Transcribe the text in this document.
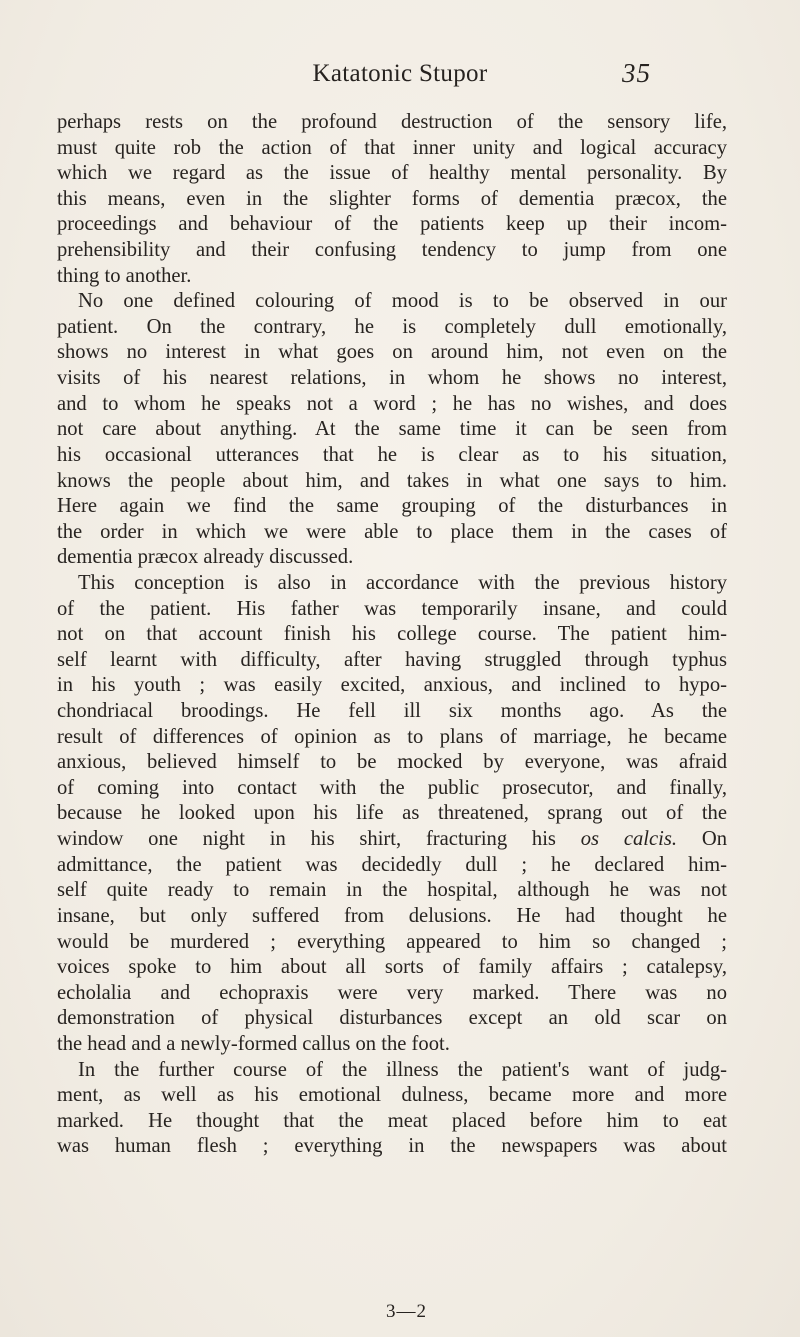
Katatonic Stupor	35
perhaps rests on the profound destruction of the sensory life,
must quite rob the action of that inner unity and logical accuracy
which we regard as the issue of healthy mental personality. By
this means, even in the slighter forms of dementia præcox, the
proceedings and behaviour of the patients keep up their incom-
prehensibility and their confusing tendency to jump from one
thing to another.
No one defined colouring of mood is to be observed in our
patient. On the contrary, he is completely dull emotionally,
shows no interest in what goes on around him, not even on the
visits of his nearest relations, in whom he shows no interest,
and to whom he speaks not a word ; he has no wishes, and does
not care about anything. At the same time it can be seen from
his occasional utterances that he is clear as to his situation,
knows the people about him, and takes in what one says to him.
Here again we find the same grouping of the disturbances in
the order in which we were able to place them in the cases of
dementia præcox already discussed.
This conception is also in accordance with the previous history
of the patient. His father was temporarily insane, and could
not on that account finish his college course. The patient him-
self learnt with difficulty, after having struggled through typhus
in his youth ; was easily excited, anxious, and inclined to hypo-
chondriacal broodings. He fell ill six months ago. As the
result of differences of opinion as to plans of marriage, he became
anxious, believed himself to be mocked by everyone, was afraid
of coming into contact with the public prosecutor, and finally,
because he looked upon his life as threatened, sprang out of the
window one night in his shirt, fracturing his os calcis. On
admittance, the patient was decidedly dull ; he declared him-
self quite ready to remain in the hospital, although he was not
insane, but only suffered from delusions. He had thought he
would be murdered ; everything appeared to him so changed ;
voices spoke to him about all sorts of family affairs ; catalepsy,
echolalia and echopraxis were very marked. There was no
demonstration of physical disturbances except an old scar on
the head and a newly-formed callus on the foot.
In the further course of the illness the patient's want of judg-
ment, as well as his emotional dulness, became more and more
marked. He thought that the meat placed before him to eat
was human flesh ; everything in the newspapers was about
3—2
